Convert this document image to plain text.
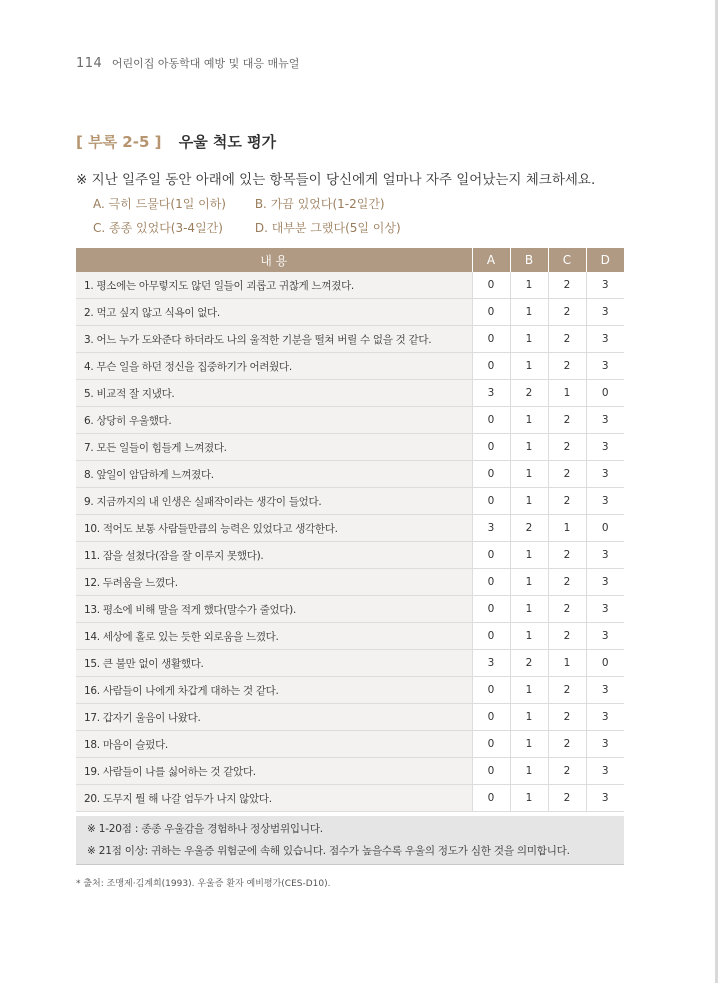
114 어린이집 아동학대 예방 및 대응 매뉴얼
[ 부록 2-5 ] 우울 척도 평가
※ 지난 일주일 동안 아래에 있는 항목들이 당신에게 얼마나 자주 일어났는지 체크하세요.
A. 극히 드물다(1일 이하) B. 가끔 있었다(1-2일간)
C. 종종 있었다(3-4일간)	D. 대부분 그랬다(5일 이상)
내 용	A	B	C	D
1. 평소에는 아무렇지도 않던 일들이 괴롭고 귀찮게 느껴졌다.	0	1	2	3
2. 먹고 싶지 않고 식욕이 없다.	0	1	2	3
3. 어느 누가 도와준다 하더라도 나의 울적한 기분을 떨쳐 버릴 수 없을 것 같다.	0	1	2	3
4. 무슨 일을 하던 정신을 집중하기가 어려웠다.	0	1	2	3
5. 비교적 잘 지냈다.	3	2	1	0
6. 상당히 우울했다.	0	1	2	3
7. 모든 일들이 힘들게 느껴졌다.	0	1	2	3
8. 앞일이 암담하게 느껴졌다.	0	1	2	3
9. 지금까지의 내 인생은 실패작이라는 생각이 들었다.	0	1	2	3
10. 적어도 보통 사람들만큼의 능력은 있었다고 생각한다.	3	2	1	0
11. 잠을 설쳤다(잠을 잘 이루지 못했다).	0	1	2	3
12. 두려움을 느꼈다.	0	1	2	3
13. 평소에 비해 말을 적게 했다(말수가 줄었다).	0	1	2	3
14. 세상에 홀로 있는 듯한 외로움을 느꼈다.	0	1	2	3
15. 큰 불만 없이 생활했다.	3	2	1	0
16. 사람들이 나에게 차갑게 대하는 것 같다.	0	1	2	3
17. 갑자기 울음이 나왔다.	0	1	2	3
18. 마음이 슬펐다.	0	1	2	3
19. 사람들이 나를 싫어하는 것 같았다.	0	1	2	3
20. 도무지 뭘 해 나갈 엄두가 나지 않았다.	0	1	2	3
※ 1-20점 : 종종 우울감을 경험하나 정상범위입니다.
※ 21점 이상: 귀하는 우울증 위험군에 속해 있습니다. 점수가 높을수록 우울의 정도가 심한 것을 의미합니다.
* 출처: 조맹제·김계희(1993). 우울증 환자 예비평가(CES-D10).
